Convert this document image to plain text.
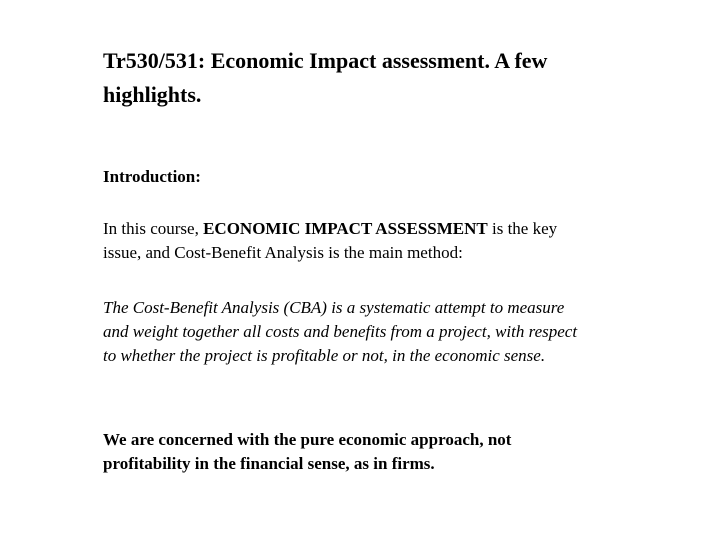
Tr530/531: Economic Impact assessment. A few highlights.
Introduction:

In this course, ECONOMIC IMPACT ASSESSMENT is the key issue, and Cost-Benefit Analysis is the main method:

The Cost-Benefit Analysis (CBA) is a systematic attempt to measure and weight together all costs and benefits from a project, with respect to whether the project is profitable or not, in the economic sense.

We are concerned with the pure economic approach, not profitability in the financial sense, as in firms.
